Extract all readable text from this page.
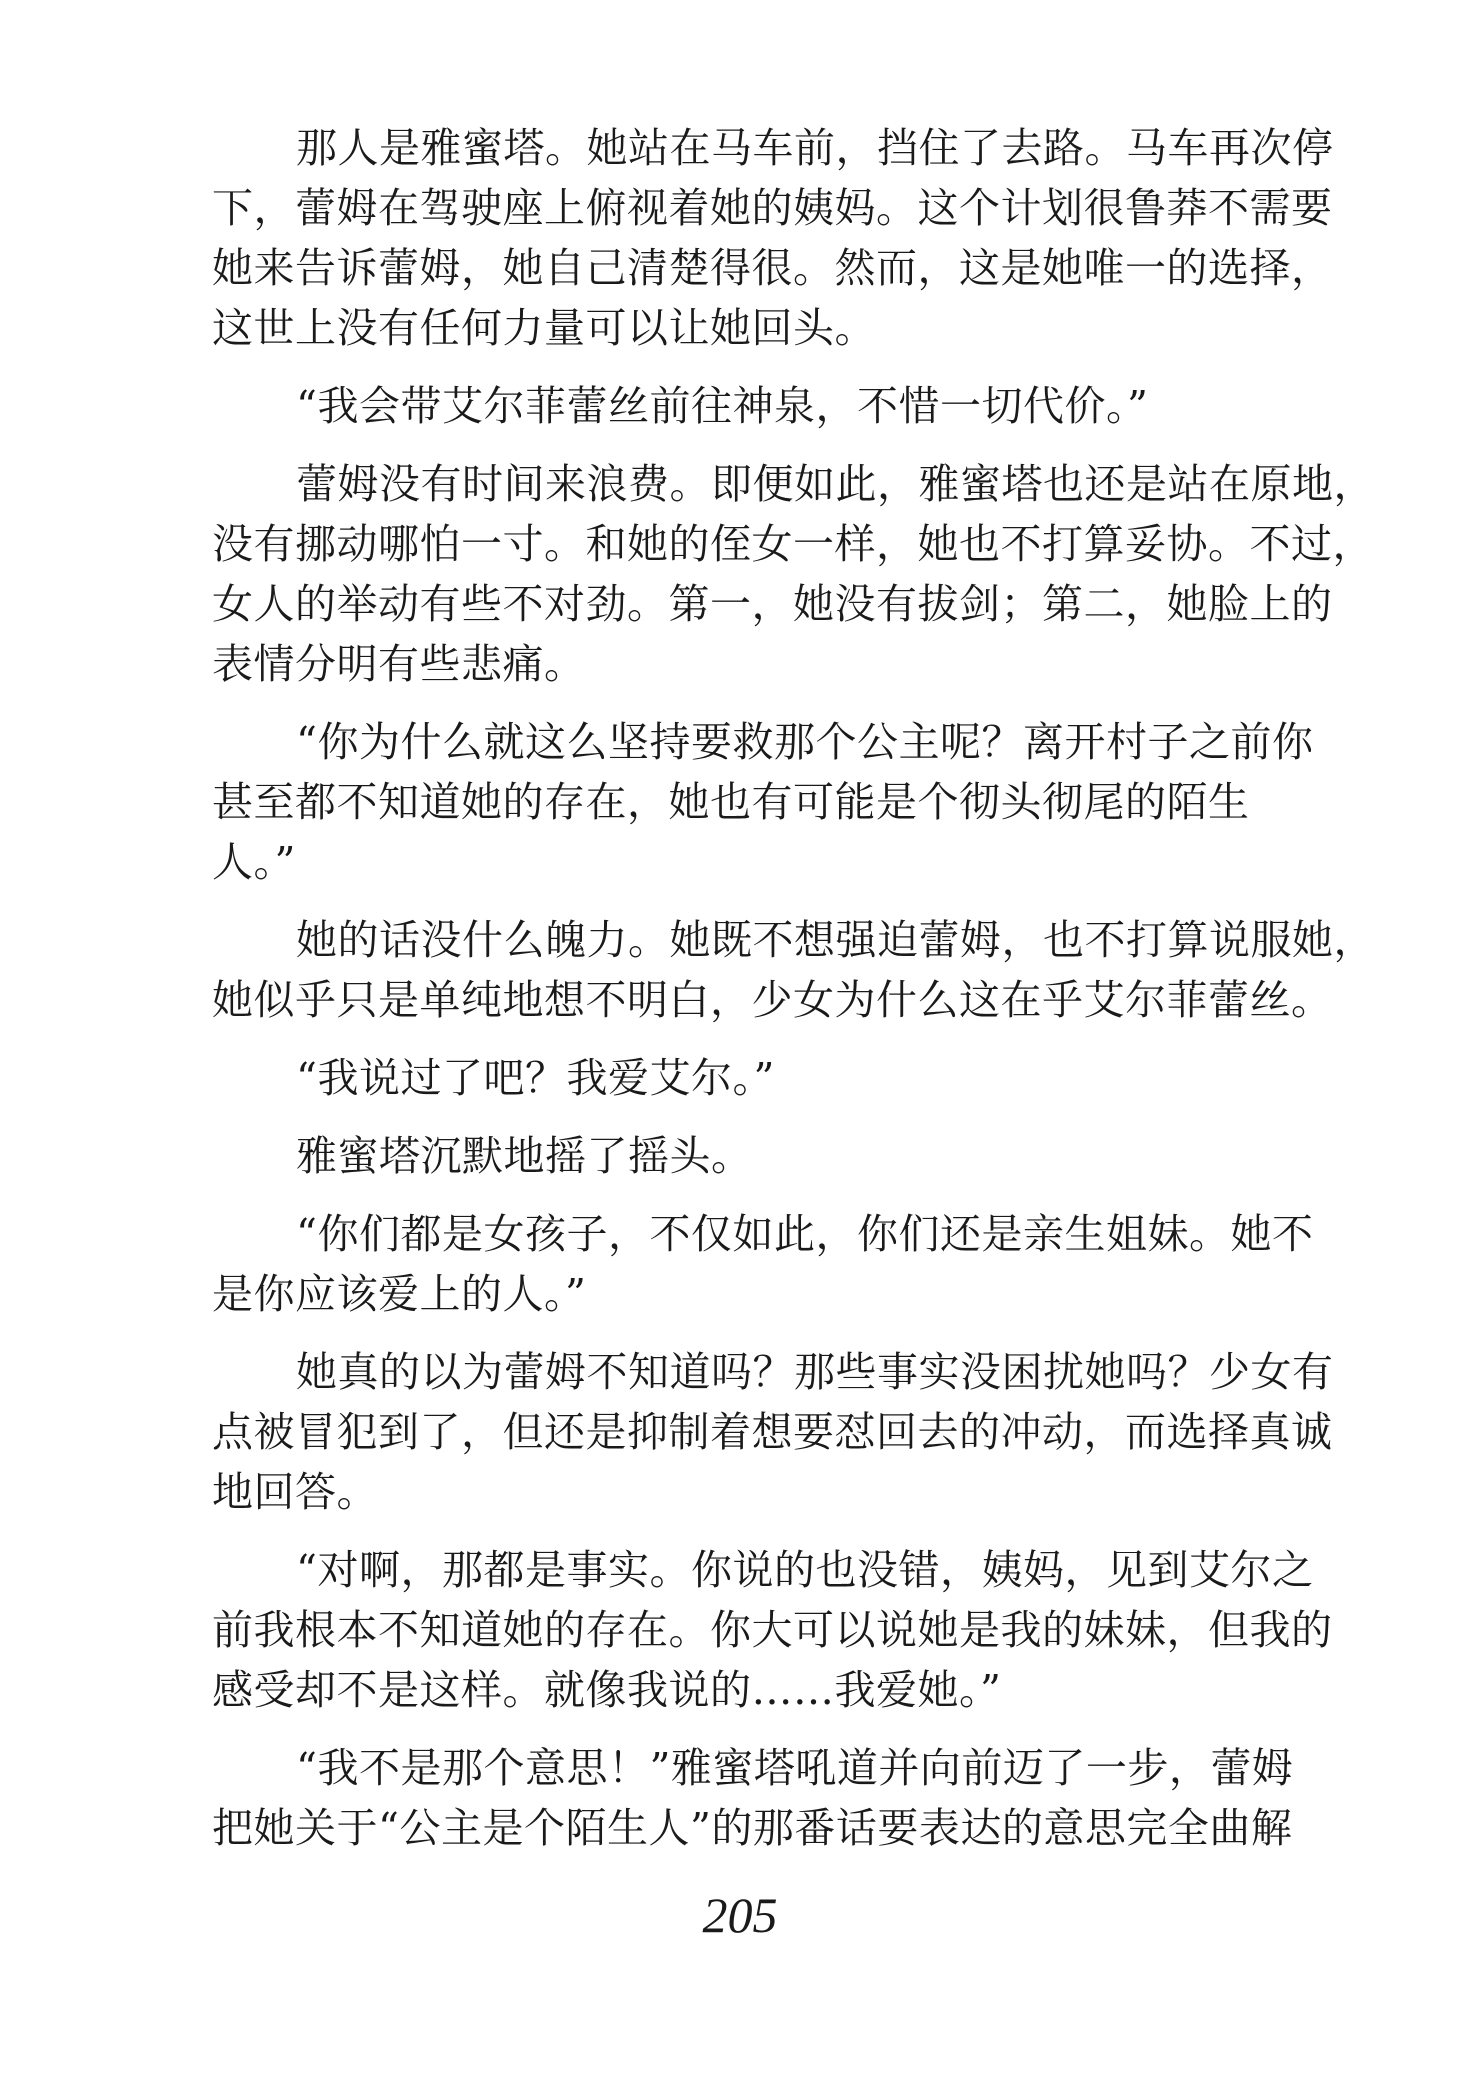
那人是雅蜜塔。她站在马车前，挡住了去路。马车再次停
下，蕾姆在驾驶座上俯视着她的姨妈。这个计划很鲁莽不需要
她来告诉蕾姆，她自己清楚得很。然而，这是她唯一的选择，
这世上没有任何力量可以让她回头。

“我会带艾尔菲蕾丝前往神泉，不惜一切代价。”

蕾姆没有时间来浪费。即便如此，雅蜜塔也还是站在原地，
没有挪动哪怕一寸。和她的侄女一样，她也不打算妥协。不过，
女人的举动有些不对劲。第一，她没有拔剑；第二，她脸上的
表情分明有些悲痛。

“你为什么就这么坚持要救那个公主呢？离开村子之前你
甚至都不知道她的存在，她也有可能是个彻头彻尾的陌生
人。”

她的话没什么魄力。她既不想强迫蕾姆，也不打算说服她，
她似乎只是单纯地想不明白，少女为什么这在乎艾尔菲蕾丝。

“我说过了吧？我爱艾尔。”

雅蜜塔沉默地摇了摇头。

“你们都是女孩子，不仅如此，你们还是亲生姐妹。她不
是你应该爱上的人。”

她真的以为蕾姆不知道吗？那些事实没困扰她吗？少女有
点被冒犯到了，但还是抑制着想要怼回去的冲动，而选择真诚
地回答。

“对啊，那都是事实。你说的也没错，姨妈，见到艾尔之
前我根本不知道她的存在。你大可以说她是我的妹妹，但我的
感受却不是这样。就像我说的……我爱她。”

“我不是那个意思！”雅蜜塔吼道并向前迈了一步，蕾姆
把她关于“公主是个陌生人”的那番话要表达的意思完全曲解

205
